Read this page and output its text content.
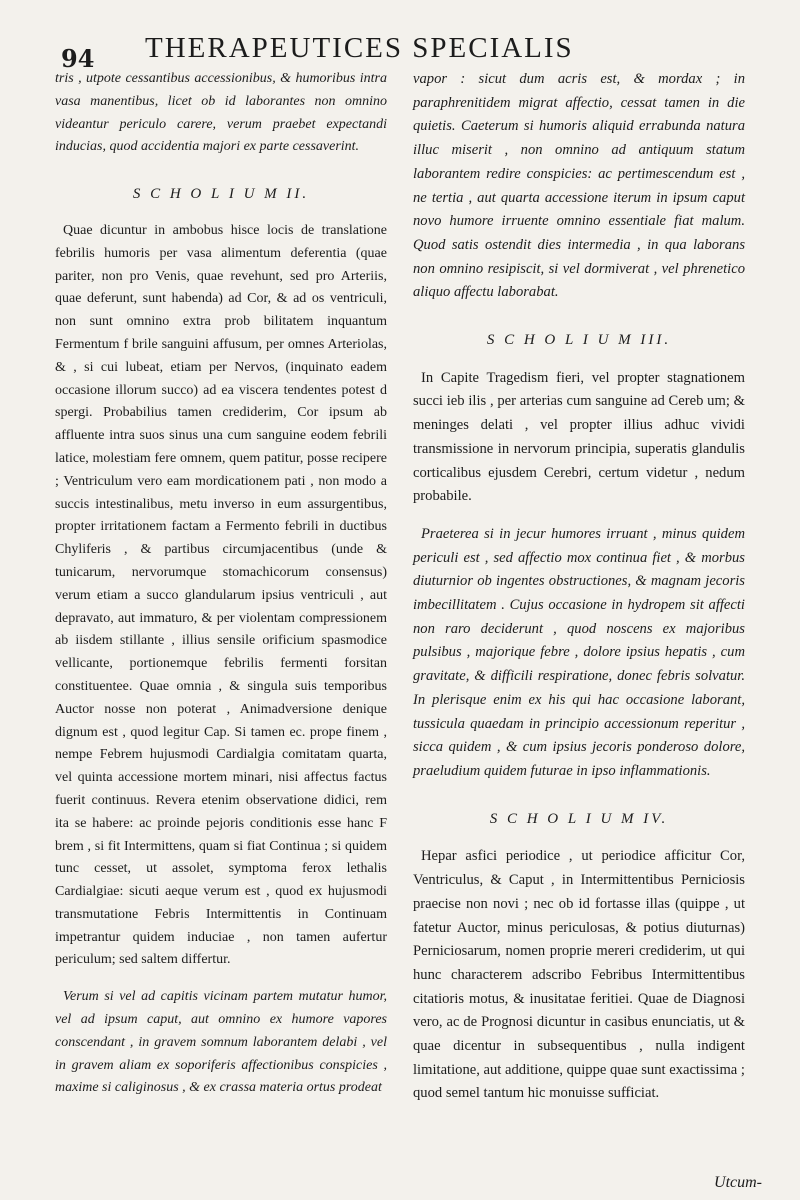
94 THERAPEUTICES SPECIALIS

tris , utpote cessantibus accessionibus, & humoribus intra vasa manentibus, licet ob id laborantes non omnino videantur periculo carere, verum praebet expectandi inducias, quod accidentia majori ex parte cessaverint.

S C H O L I U M II.

Quae dicuntur in ambobus hisce locis de translatione febrilis humoris per vasa alimentum deferentia (quae pariter, non pro Venis, quae revehunt, sed pro Arteriis, quae deferunt, sunt habenda) ad Cor, & ad os ventriculi, non sunt omnino extra prob bilitatem inquantum Fermentum f brile sanguini affusum, per omnes Arteriolas, & , si cui lubeat, etiam per Nervos, (inquinato eadem occasione illorum succo) ad ea viscera tendentes potest d spergi. Probabilius tamen crediderim, Cor ipsum ab affluente intra suos sinus una cum sanguine eodem febrili latice, molestiam fere omnem, quem patitur, posse recipere ; Ventriculum vero eam mordicationem pati , non modo a succis intestinalibus, metu inverso in eum assurgentibus, propter irritationem factam a Fermento febrili in ductibus Chyliferis , & partibus circumjacentibus (unde & tunicarum, nervorumque stomachicorum consensus) verum etiam a succo glandularum ipsius ventriculi , aut depravato, aut immaturo, & per violentam compressionem ab iisdem stillante , illius sensile orificium spasmodice vellicante, portionemque febrilis fermenti forsitan constituentee. Quae omnia , & singula suis temporibus Auctor nosse non poterat , Animadversione denique dignum est , quod legitur Cap. Si tamen ec. prope finem , nempe Febrem hujusmodi Cardialgia comitatam quarta, vel quinta accessione mortem minari, nisi affectus factus fuerit continuus. Revera etenim observatione didici, rem ita se habere: ac proinde pejoris conditionis esse hanc F brem , si fit Intermittens, quam si fiat Continua ; si quidem tunc cesset, ut assolet, symptoma ferox lethalis Cardialgiae: sicuti aeque verum est , quod ex hujusmodi transmutatione Febris Intermittentis in Continuam impetrantur quidem induciae , non tamen aufertur periculum; sed saltem differtur.

Verum si vel ad capitis vicinam partem mutatur humor, vel ad ipsum caput, aut omnino ex humore vapores conscendant , in gravem somnum laborantem delabi , vel in gravem aliam ex soporiferis affectionibus conspicies , maxime si caliginosus , & ex crassa materia ortus prodeat

vapor : sicut dum acris est, & mordax ; in paraphrenitidem migrat affectio, cessat tamen in die quietis. Caeterum si humoris aliquid errabunda natura illuc miserit , non omnino ad antiquum statum laborantem redire conspicies: ac pertimescendum est , ne tertia , aut quarta accessione iterum in ipsum caput novo humore irruente omnino essentiale fiat malum. Quod satis ostendit dies intermedia , in qua laborans non omnino resipiscit, si vel dormiverat , vel phrenetico aliquo affectu laborabat.

S C H O L I U M III.

In Capite Tragedism fieri, vel propter stagnationem succi ieb ilis , per arterias cum sanguine ad Cereb um; & meninges delati , vel propter illius adhuc vividi transmissione in nervorum principia, superatis glandulis corticalibus ejusdem Cerebri, certum videtur , nedum probabile.

Praeterea si in jecur humores irruant , minus quidem periculi est , sed affectio mox continua fiet , & morbus diuturnior ob ingentes obstructiones, & magnam jecoris imbecillitatem . Cujus occasione in hydropem sit affecti non raro deciderunt , quod noscens ex majoribus pulsibus , majorique febre , dolore ipsius hepatis , cum gravitate, & difficili respiratione, donec febris solvatur. In plerisque enim ex his qui hac occasione laborant, tussicula quaedam in principio accessionum reperitur , sicca quidem , & cum ipsius jecoris ponderoso dolore, praeludium quidem futurae in ipso inflammationis.

S C H O L I U M IV.

Hepar asfici periodice , ut periodice afficitur Cor, Ventriculus, & Caput , in Intermittentibus Perniciosis praecise non novi ; nec ob id fortasse illas (quippe , ut fatetur Auctor, minus periculosas, & potius diuturnas) Perniciosarum, nomen proprie mereri crediderim, ut qui hunc characterem adscribo Febribus Intermittentibus citatioris motus, & inusitatae feritiei. Quae de Diagnosi vero, ac de Prognosi dicuntur in casibus enunciatis, ut & quae dicentur in subsequentibus , nulla indigent limitatione, aut additione, quippe quae sunt exactissima ; quod semel tantum hic monuisse sufficiat.

Utcum-
